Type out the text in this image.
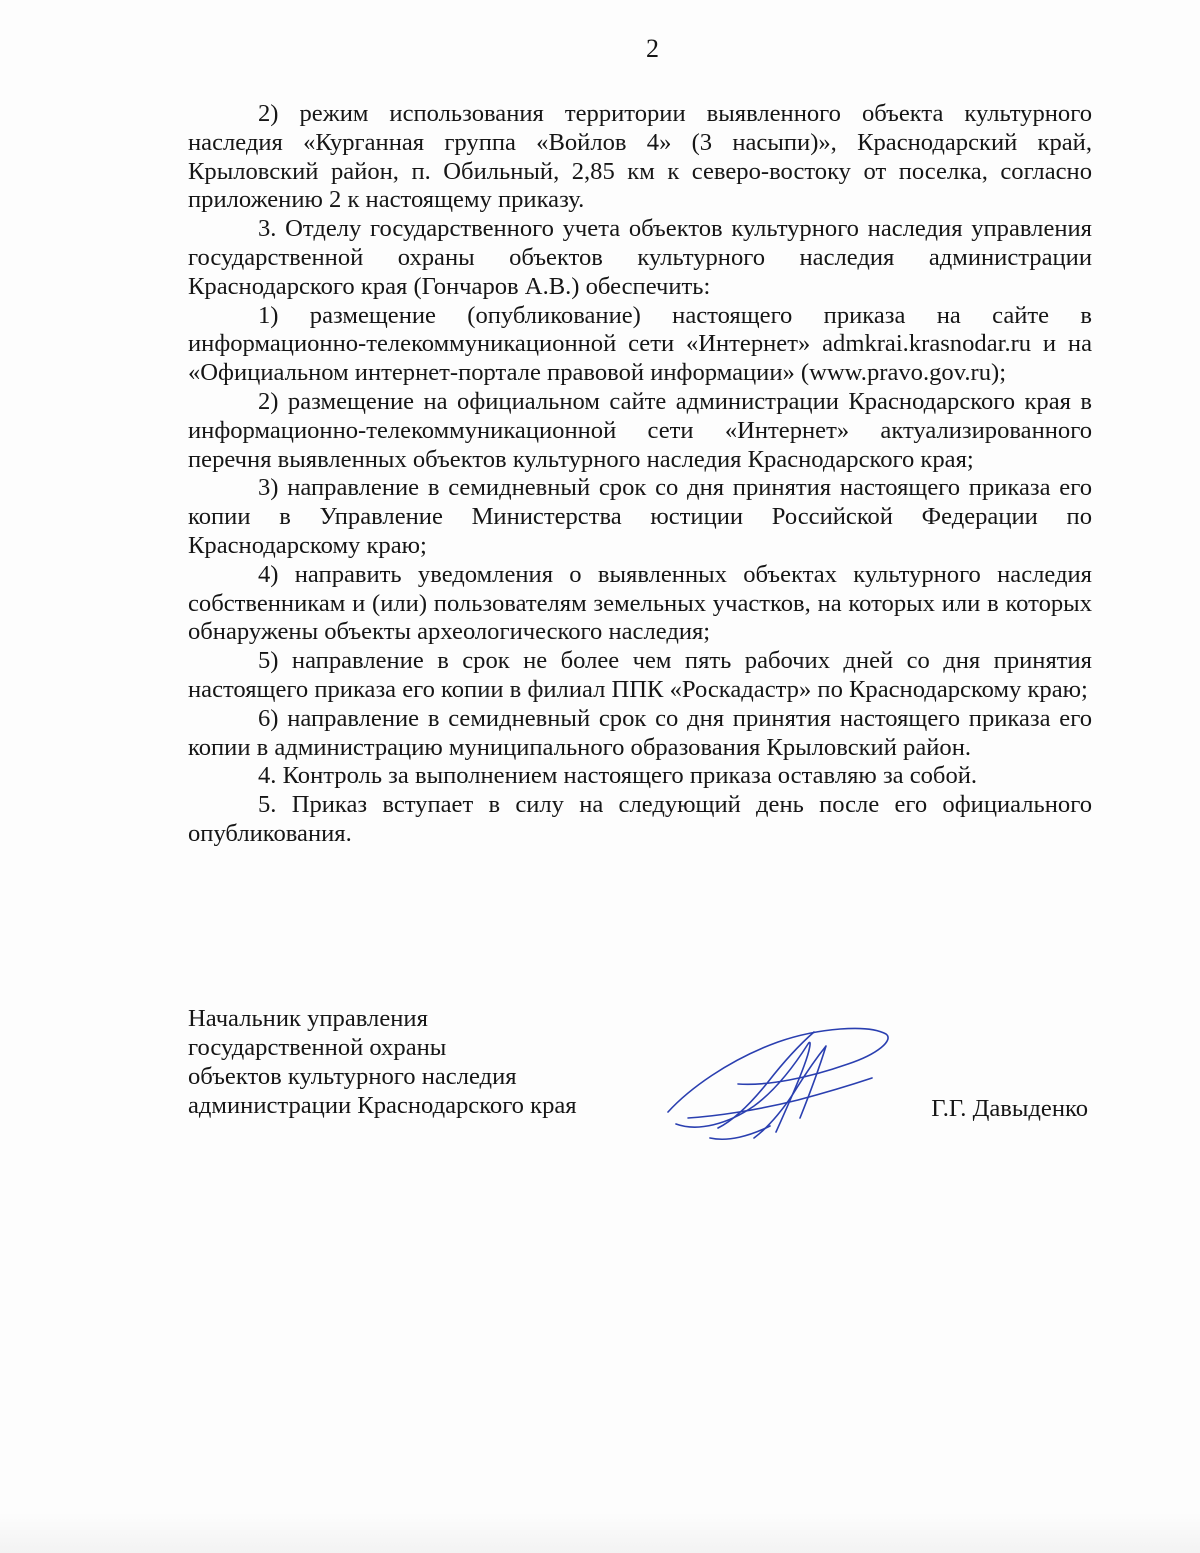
2

2) режим использования территории выявленного объекта культурного наследия «Курганная группа «Войлов 4» (3 насыпи)», Краснодарский край, Крыловский район, п. Обильный, 2,85 км к северо-востоку от поселка, согласно приложению 2 к настоящему приказу.

3. Отделу государственного учета объектов культурного наследия управления государственной охраны объектов культурного наследия администрации Краснодарского края (Гончаров А.В.) обеспечить:

1) размещение (опубликование) настоящего приказа на сайте в информационно-телекоммуникационной сети «Интернет» admkrai.krasnodar.ru и на «Официальном интернет-портале правовой информации» (www.pravo.gov.ru);

2) размещение на официальном сайте администрации Краснодарского края в информационно-телекоммуникационной сети «Интернет» актуализированного перечня выявленных объектов культурного наследия Краснодарского края;

3) направление в семидневный срок со дня принятия настоящего приказа его копии в Управление Министерства юстиции Российской Федерации по Краснодарскому краю;

4) направить уведомления о выявленных объектах культурного наследия собственникам и (или) пользователям земельных участков, на которых или в которых обнаружены объекты археологического наследия;

5) направление в срок не более чем пять рабочих дней со дня принятия настоящего приказа его копии в филиал ППК «Роскадастр» по Краснодарскому краю;

6) направление в семидневный срок со дня принятия настоящего приказа его копии в администрацию муниципального образования Крыловский район.

4. Контроль за выполнением настоящего приказа оставляю за собой.

5. Приказ вступает в силу на следующий день после его официального опубликования.

Начальник управления
государственной охраны
объектов культурного наследия
администрации Краснодарского края	Г.Г. Давыденко
